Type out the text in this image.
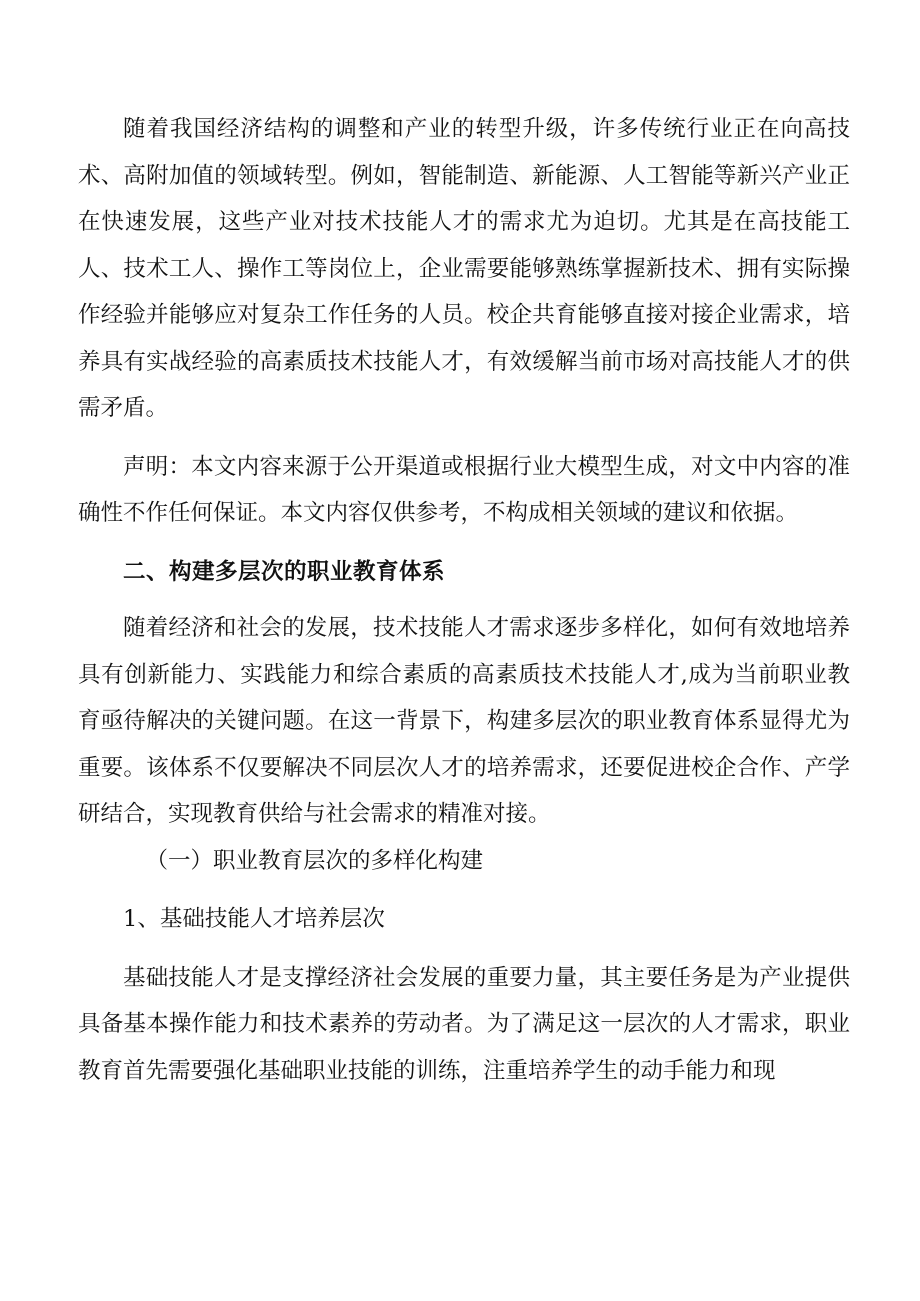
随着我国经济结构的调整和产业的转型升级，许多传统行业正在向高技术、高附加值的领域转型。例如，智能制造、新能源、人工智能等新兴产业正在快速发展，这些产业对技术技能人才的需求尤为迫切。尤其是在高技能工人、技术工人、操作工等岗位上，企业需要能够熟练掌握新技术、拥有实际操作经验并能够应对复杂工作任务的人员。校企共育能够直接对接企业需求，培养具有实战经验的高素质技术技能人才，有效缓解当前市场对高技能人才的供需矛盾。

声明：本文内容来源于公开渠道或根据行业大模型生成，对文中内容的准确性不作任何保证。本文内容仅供参考，不构成相关领域的建议和依据。

二、构建多层次的职业教育体系

随着经济和社会的发展，技术技能人才需求逐步多样化，如何有效地培养具有创新能力、实践能力和综合素质的高素质技术技能人才,成为当前职业教育亟待解决的关键问题。在这一背景下，构建多层次的职业教育体系显得尤为重要。该体系不仅要解决不同层次人才的培养需求，还要促进校企合作、产学研结合，实现教育供给与社会需求的精准对接。

（一）职业教育层次的多样化构建

1、基础技能人才培养层次

基础技能人才是支撑经济社会发展的重要力量，其主要任务是为产业提供具备基本操作能力和技术素养的劳动者。为了满足这一层次的人才需求，职业教育首先需要强化基础职业技能的训练，注重培养学生的动手能力和现
